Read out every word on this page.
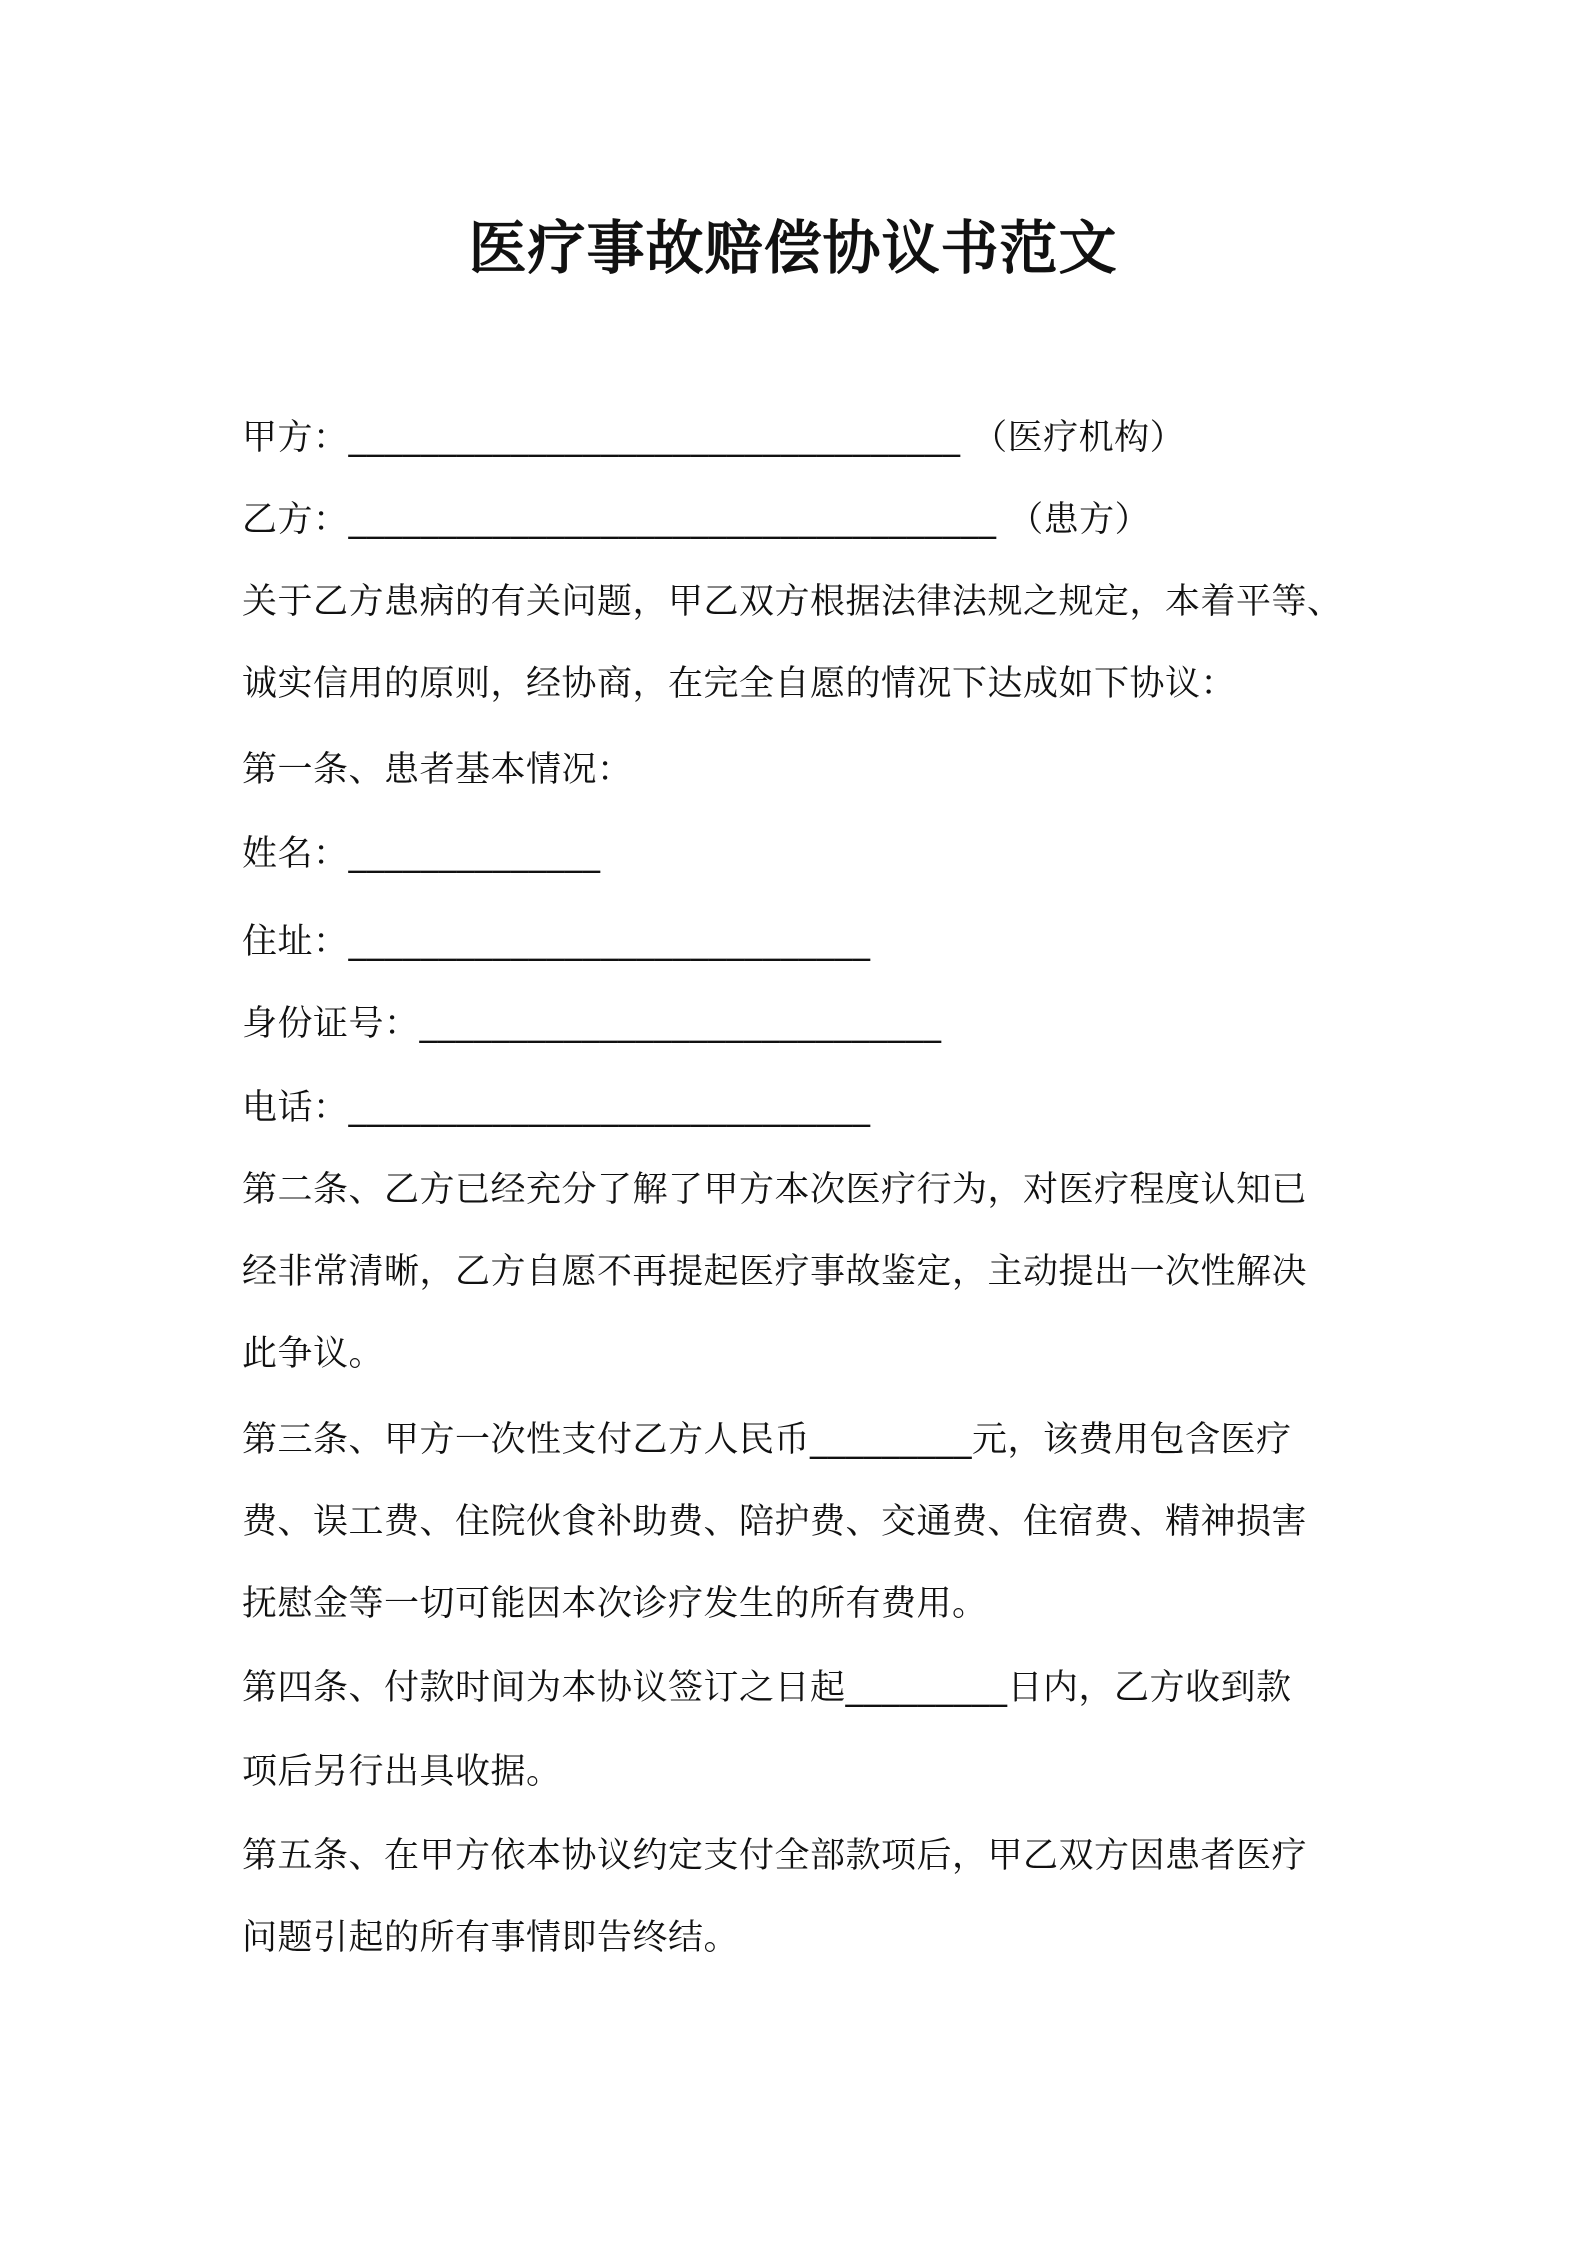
医疗事故赔偿协议书范文
甲方：__________________________________ （医疗机构）
乙方：____________________________________ （患方）
关于乙方患病的有关问题，甲乙双方根据法律法规之规定，本着平等、
诚实信用的原则，经协商，在完全自愿的情况下达成如下协议：
第一条、患者基本情况：
姓名：______________
住址：_____________________________
身份证号：_____________________________
电话：_____________________________
第二条、乙方已经充分了解了甲方本次医疗行为，对医疗程度认知已
经非常清晰，乙方自愿不再提起医疗事故鉴定，主动提出一次性解决
此争议。
第三条、甲方一次性支付乙方人民币_________元，该费用包含医疗
费、误工费、住院伙食补助费、陪护费、交通费、住宿费、精神损害
抚慰金等一切可能因本次诊疗发生的所有费用。
第四条、付款时间为本协议签订之日起_________日内，乙方收到款
项后另行出具收据。
第五条、在甲方依本协议约定支付全部款项后，甲乙双方因患者医疗
问题引起的所有事情即告终结。
